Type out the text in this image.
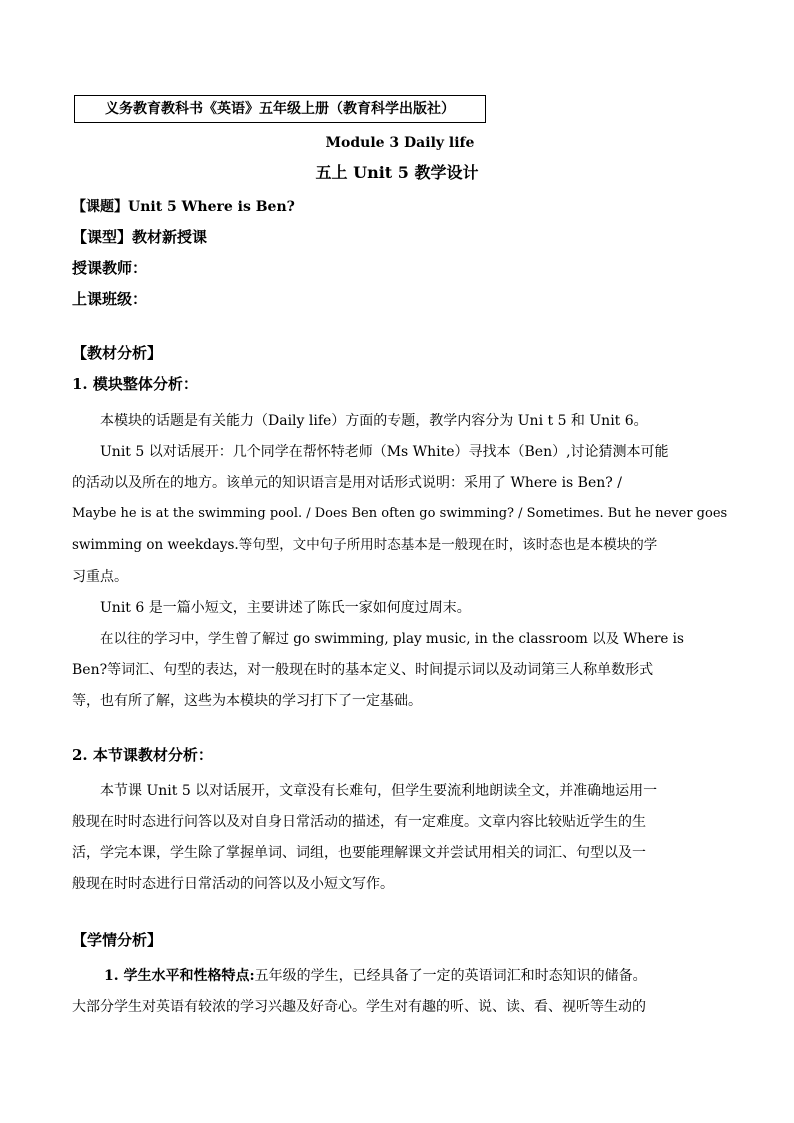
义务教育教科书《英语》五年级上册（教育科学出版社）
Module 3 Daily life
五上 Unit 5 教学设计
【课题】Unit 5 Where is Ben?
【课型】教材新授课
授课教师：
上课班级：
【教材分析】
1. 模块整体分析：
本模块的话题是有关能力（Daily life）方面的专题，教学内容分为 Uni t 5 和 Unit 6。
Unit 5 以对话展开：几个同学在帮怀特老师（Ms White）寻找本（Ben）,讨论猜测本可能
的活动以及所在的地方。该单元的知识语言是用对话形式说明：采用了 Where is Ben? /
Maybe he is at the swimming pool. / Does Ben often go swimming? / Sometimes. But he never goes
swimming on weekdays.等句型，文中句子所用时态基本是一般现在时，该时态也是本模块的学
习重点。
Unit 6 是一篇小短文，主要讲述了陈氏一家如何度过周末。
在以往的学习中，学生曾了解过 go swimming, play music, in the classroom 以及 Where is
Ben?等词汇、句型的表达，对一般现在时的基本定义、时间提示词以及动词第三人称单数形式
等，也有所了解，这些为本模块的学习打下了一定基础。
2. 本节课教材分析：
本节课 Unit 5 以对话展开，文章没有长难句，但学生要流利地朗读全文，并准确地运用一
般现在时时态进行问答以及对自身日常活动的描述，有一定难度。文章内容比较贴近学生的生
活，学完本课，学生除了掌握单词、词组，也要能理解课文并尝试用相关的词汇、句型以及一
般现在时时态进行日常活动的问答以及小短文写作。
【学情分析】
1. 学生水平和性格特点:五年级的学生，已经具备了一定的英语词汇和时态知识的储备。
大部分学生对英语有较浓的学习兴趣及好奇心。学生对有趣的听、说、读、看、视听等生动的
